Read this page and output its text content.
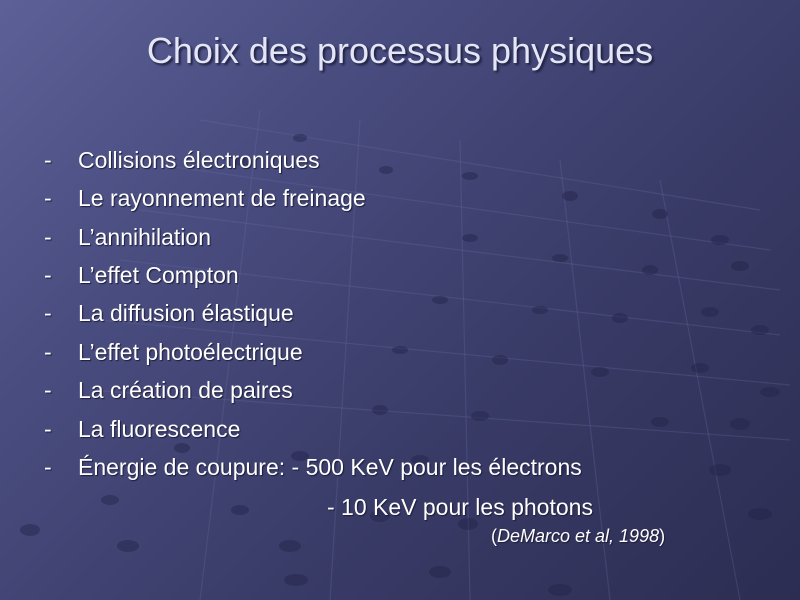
Choix des processus physiques
- Collisions électroniques
- Le rayonnement de freinage
- L’annihilation
- L’effet Compton
- La diffusion élastique
- L’effet photoélectrique
- La création de paires
- La fluorescence
- Énergie de coupure: - 500 KeV pour les électrons
- 10 KeV pour les photons
(DeMarco et al, 1998)
